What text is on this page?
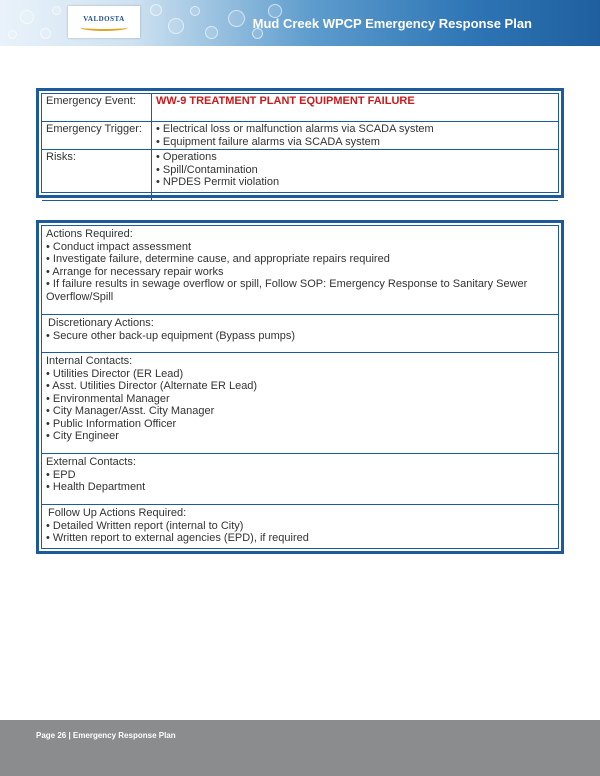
VALDOSTA	Mud Creek WPCP Emergency Response Plan
Emergency Event:	WW-9 TREATMENT PLANT EQUIPMENT FAILURE
Emergency Trigger:	• Electrical loss or malfunction alarms via SCADA system
• Equipment failure alarms via SCADA system

Risks:	• Operations
• Spill/Contamination
• NPDES Permit violation
Actions Required:
• Conduct impact assessment
• Investigate failure, determine cause, and appropriate repairs required
• Arrange for necessary repair works
• If failure results in sewage overflow or spill, Follow SOP: Emergency Response to Sanitary Sewer Overflow/Spill
Discretionary Actions:
• Secure other back-up equipment (Bypass pumps)
Internal Contacts:
• Utilities Director (ER Lead)
• Asst. Utilities Director (Alternate ER Lead)
• Environmental Manager
• City Manager/Asst. City Manager
• Public Information Officer
• City Engineer
External Contacts:
• EPD
• Health Department
Follow Up Actions Required:
• Detailed Written report (internal to City)
• Written report to external agencies (EPD), if required
Page 26 | Emergency Response Plan
